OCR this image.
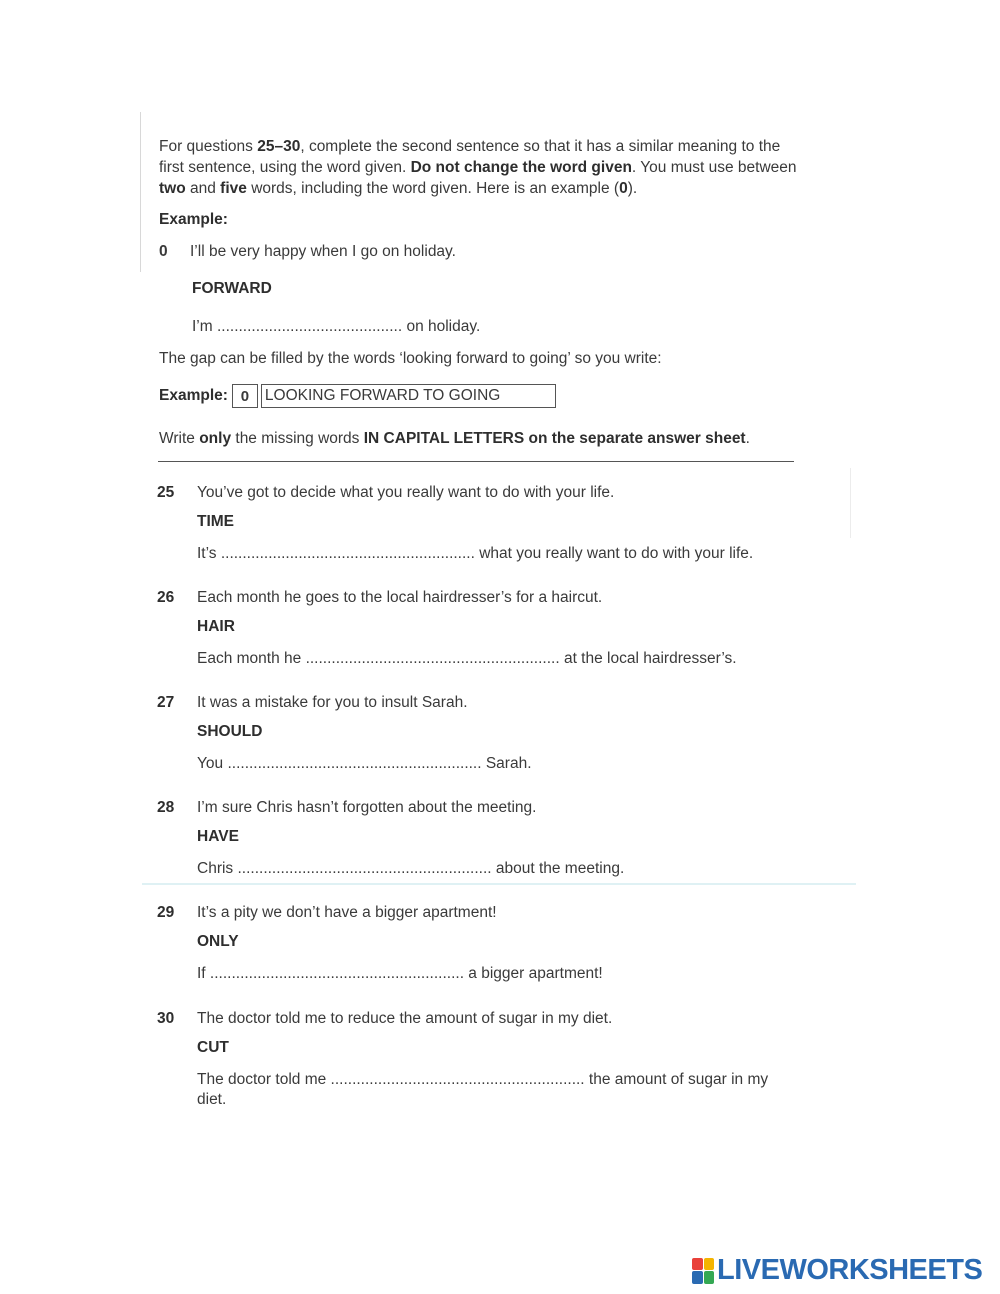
For questions 25–30, complete the second sentence so that it has a similar meaning to the first sentence, using the word given. Do not change the word given. You must use between two and five words, including the word given. Here is an example (0).

Example:

0 I’ll be very happy when I go on holiday.

FORWARD

I’m ........................................... on holiday.

The gap can be filled by the words ‘looking forward to going’ so you write:

Example: 0	LOOKING FORWARD TO GOING

Write only the missing words IN CAPITAL LETTERS on the separate answer sheet.

25 You’ve got to decide what you really want to do with your life.
TIME
It’s ........................................................... what you really want to do with your life.
26 Each month he goes to the local hairdresser’s for a haircut.
HAIR
Each month he ........................................................... at the local hairdresser’s.
27 It was a mistake for you to insult Sarah.
SHOULD
You ........................................................... Sarah.
28 I’m sure Chris hasn’t forgotten about the meeting.
HAVE
Chris ........................................................... about the meeting.
29 It’s a pity we don’t have a bigger apartment!
ONLY
If ........................................................... a bigger apartment!
30 The doctor told me to reduce the amount of sugar in my diet.
CUT
The doctor told me ........................................................... the amount of sugar in my diet.
LIVEWORKSHEETS
